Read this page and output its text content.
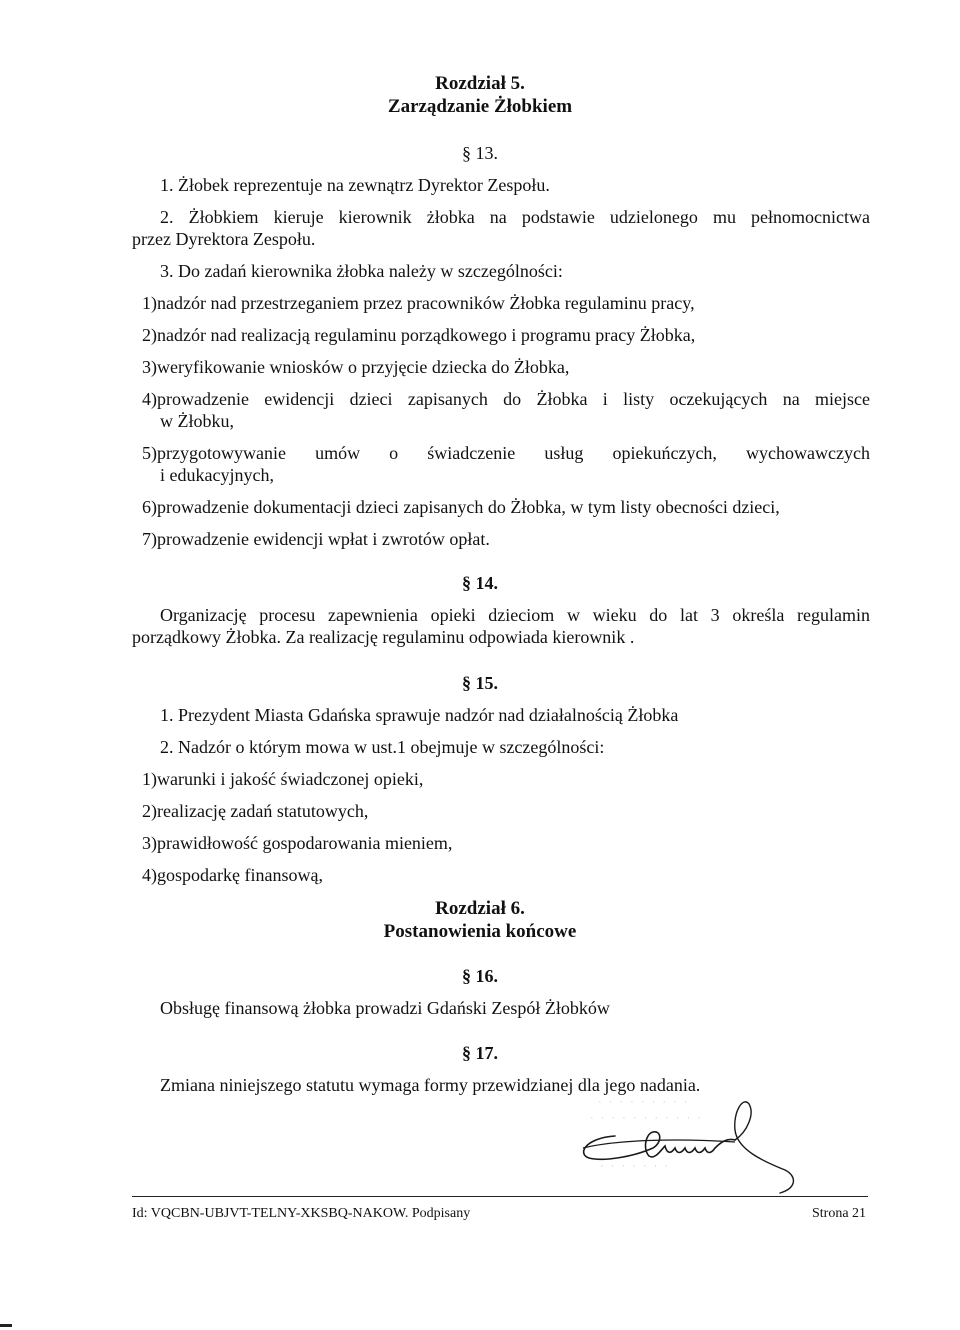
Rozdział 5.
Zarządzanie Żłobkiem
§ 13.
1. Żłobek reprezentuje na zewnątrz Dyrektor Zespołu.
2. Żłobkiem kieruje kierownik żłobka na podstawie udzielonego mu pełnomocnictwa
przez Dyrektora Zespołu.
3. Do zadań kierownika żłobka należy w szczególności:
1)nadzór nad przestrzeganiem przez pracowników Żłobka regulaminu pracy,
2)nadzór nad realizacją regulaminu porządkowego i programu pracy Żłobka,
3)weryfikowanie wniosków o przyjęcie dziecka do Żłobka,
4)prowadzenie ewidencji dzieci zapisanych do Żłobka i listy oczekujących na miejsce
w Żłobku,
5)przygotowywanie umów o świadczenie usług opiekuńczych, wychowawczych
i edukacyjnych,
6)prowadzenie dokumentacji dzieci zapisanych do Żłobka, w tym listy obecności dzieci,
7)prowadzenie ewidencji wpłat i zwrotów opłat.
§ 14.
Organizację procesu zapewnienia opieki dzieciom w wieku do lat 3 określa regulamin
porządkowy Żłobka. Za realizację regulaminu odpowiada kierownik .
§ 15.
1. Prezydent Miasta Gdańska sprawuje nadzór nad działalnością Żłobka
2. Nadzór o którym mowa w ust.1 obejmuje w szczególności:
1)warunki i jakość świadczonej opieki,
2)realizację zadań statutowych,
3)prawidłowość gospodarowania mieniem,
4)gospodarkę finansową,
Rozdział 6.
Postanowienia końcowe
§ 16.
Obsługę finansową żłobka prowadzi Gdański Zespół Żłobków
§ 17.
Zmiana niniejszego statutu wymaga formy przewidzianej dla jego nadania.
· · · · · · · · ·
· · · · · · · · · · ·
· · · · · · ·
Id: VQCBN-UBJVT-TELNY-XKSBQ-NAKOW. Podpisany	Strona 21
